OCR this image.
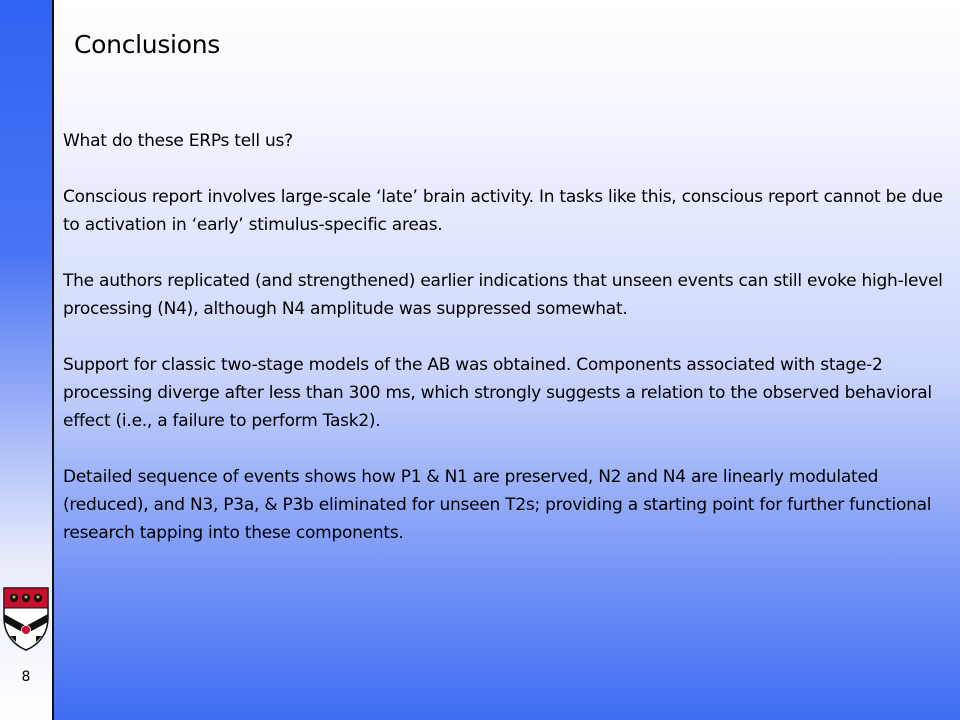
8
Conclusions

What do these ERPs tell us?

Conscious report involves large-scale ‘late’ brain activity. In tasks like this, conscious report cannot be due to activation in ‘early’ stimulus-specific areas.

The authors replicated (and strengthened) earlier indications that unseen events can still evoke high-level processing (N4), although N4 amplitude was suppressed somewhat.

Support for classic two-stage models of the AB was obtained. Components associated with stage-2 processing diverge after less than 300 ms, which strongly suggests a relation to the observed behavioral effect (i.e., a failure to perform Task2).

Detailed sequence of events shows how P1 & N1 are preserved, N2 and N4 are linearly modulated (reduced), and N3, P3a, & P3b eliminated for unseen T2s; providing a starting point for further functional research tapping into these components.
